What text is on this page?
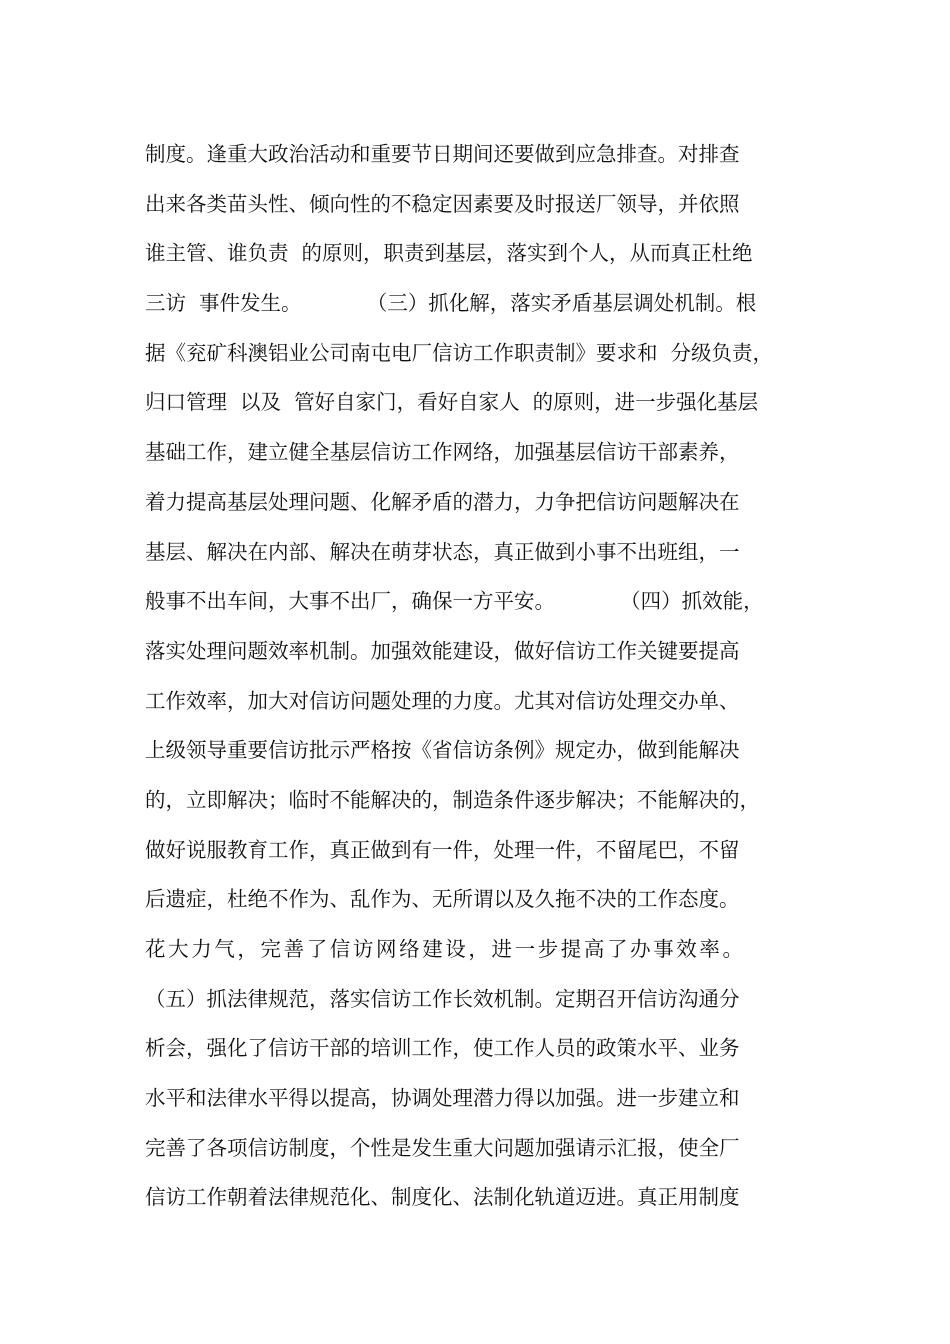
制度。逢重大政治活动和重要节日期间还要做到应急排查。对排查
出来各类苗头性、倾向性的不稳定因素要及时报送厂领导，并依照
谁主管、谁负责  的原则，职责到基层，落实到个人，从而真正杜绝
三访  事件发生。          （三）抓化解，落实矛盾基层调处机制。根
据《兖矿科澳铝业公司南屯电厂信访工作职责制》要求和  分级负责，
归口管理  以及  管好自家门，看好自家人  的原则，进一步强化基层
基础工作，建立健全基层信访工作网络，加强基层信访干部素养，
着力提高基层处理问题、化解矛盾的潜力，力争把信访问题解决在
基层、解决在内部、解决在萌芽状态，真正做到小事不出班组，一
般事不出车间，大事不出厂，确保一方平安。          （四）抓效能，
落实处理问题效率机制。加强效能建设，做好信访工作关键要提高
工作效率，加大对信访问题处理的力度。尤其对信访处理交办单、
上级领导重要信访批示严格按《省信访条例》规定办，做到能解决
的，立即解决；临时不能解决的，制造条件逐步解决；不能解决的，
做好说服教育工作，真正做到有一件，处理一件，不留尾巴，不留
后遗症，杜绝不作为、乱作为、无所谓以及久拖不决的工作态度。
花大力气，完善了信访网络建设，进一步提高了办事效率。
（五）抓法律规范，落实信访工作长效机制。定期召开信访沟通分
析会，强化了信访干部的培训工作，使工作人员的政策水平、业务
水平和法律水平得以提高，协调处理潜力得以加强。进一步建立和
完善了各项信访制度，个性是发生重大问题加强请示汇报，使全厂
信访工作朝着法律规范化、制度化、法制化轨道迈进。真正用制度
